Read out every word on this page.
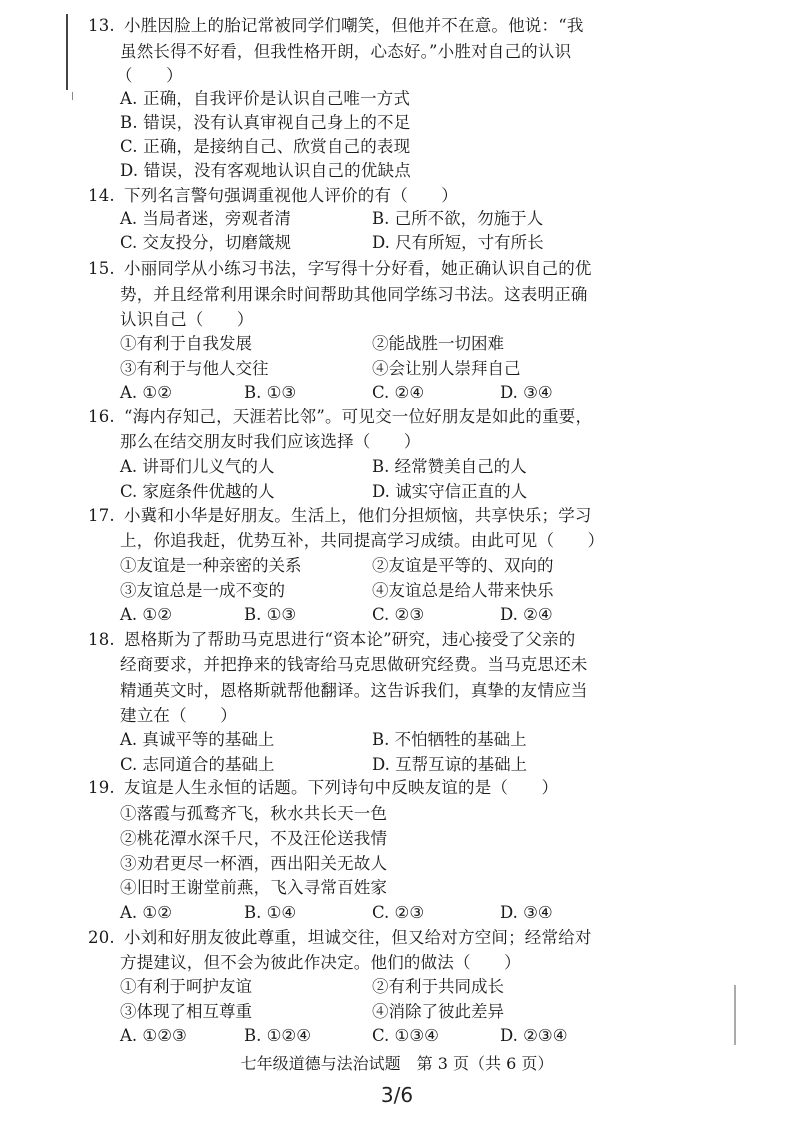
13. 小胜因脸上的胎记常被同学们嘲笑，但他并不在意。他说：“我
虽然长得不好看，但我性格开朗，心态好。”小胜对自己的认识
（　　）
A. 正确，自我评价是认识自己唯一方式
B. 错误，没有认真审视自己身上的不足
C. 正确，是接纳自己、欣赏自己的表现
D. 错误，没有客观地认识自己的优缺点
14. 下列名言警句强调重视他人评价的有（　　）
A. 当局者迷，旁观者清	B. 己所不欲，勿施于人
C. 交友投分，切磨箴规	D. 尺有所短，寸有所长
15. 小丽同学从小练习书法，字写得十分好看，她正确认识自己的优
势，并且经常利用课余时间帮助其他同学练习书法。这表明正确
认识自己（　　）
①有利于自我发展	②能战胜一切困难
③有利于与他人交往	④会让别人崇拜自己
A. ①②	B. ①③	C. ②④	D. ③④
16. “海内存知己，天涯若比邻”。可见交一位好朋友是如此的重要，
那么在结交朋友时我们应该选择（　　）
A. 讲哥们儿义气的人	B. 经常赞美自己的人
C. 家庭条件优越的人	D. 诚实守信正直的人
17. 小冀和小华是好朋友。生活上，他们分担烦恼，共享快乐；学习
上，你追我赶，优势互补，共同提高学习成绩。由此可见（　　）
①友谊是一种亲密的关系	②友谊是平等的、双向的
③友谊总是一成不变的	④友谊总是给人带来快乐
A. ①②	B. ①③	C. ②③	D. ②④
18. 恩格斯为了帮助马克思进行“资本论”研究，违心接受了父亲的
经商要求，并把挣来的钱寄给马克思做研究经费。当马克思还未
精通英文时，恩格斯就帮他翻译。这告诉我们，真挚的友情应当
建立在（　　）
A. 真诚平等的基础上	B. 不怕牺牲的基础上
C. 志同道合的基础上	D. 互帮互谅的基础上
19. 友谊是人生永恒的话题。下列诗句中反映友谊的是（　　）
①落霞与孤鹜齐飞，秋水共长天一色
②桃花潭水深千尺，不及汪伦送我情
③劝君更尽一杯酒，西出阳关无故人
④旧时王谢堂前燕，飞入寻常百姓家
A. ①②	B. ①④	C. ②③	D. ③④
20. 小刘和好朋友彼此尊重，坦诚交往，但又给对方空间；经常给对
方提建议，但不会为彼此作决定。他们的做法（　　）
①有利于呵护友谊	②有利于共同成长
③体现了相互尊重	④消除了彼此差异
A. ①②③	B. ①②④	C. ①③④	D. ②③④
七年级道德与法治试题　第 3 页（共 6 页）
3/6
